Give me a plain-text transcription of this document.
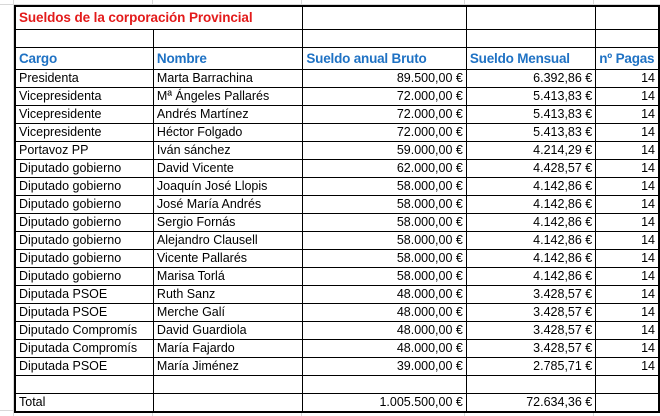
Sueldos de la corporación Provincial				

Cargo	Nombre	Sueldo anual Bruto	Sueldo Mensual	nº Pagas
Presidenta	Marta Barrachina	89.500,00 €	6.392,86 €	14
Vicepresidenta	Mª Ángeles Pallarés	72.000,00 €	5.413,83 €	14
Vicepresidente	Andrés Martínez	72.000,00 €	5.413,83 €	14
Vicepresidente	Héctor Folgado	72.000,00 €	5.413,83 €	14
Portavoz PP	Iván sánchez	59.000,00 €	4.214,29 €	14
Diputado gobierno	David Vicente	62.000,00 €	4.428,57 €	14
Diputado gobierno	Joaquín José Llopis	58.000,00 €	4.142,86 €	14
Diputado gobierno	José María Andrés	58.000,00 €	4.142,86 €	14
Diputado gobierno	Sergio Fornás	58.000,00 €	4.142,86 €	14
Diputado gobierno	Alejandro Clausell	58.000,00 €	4.142,86 €	14
Diputado gobierno	Vicente Pallarés	58.000,00 €	4.142,86 €	14
Diputado gobierno	Marisa Torlá	58.000,00 €	4.142,86 €	14
Diputada PSOE	Ruth Sanz	48.000,00 €	3.428,57 €	14
Diputada PSOE	Merche Galí	48.000,00 €	3.428,57 €	14
Diputado Compromís	David Guardiola	48.000,00 €	3.428,57 €	14
Diputada Compromís	María Fajardo	48.000,00 €	3.428,57 €	14
Diputada PSOE	María Jiménez	39.000,00 €	2.785,71 €	14

Total		1.005.500,00 €	72.634,36 €	
